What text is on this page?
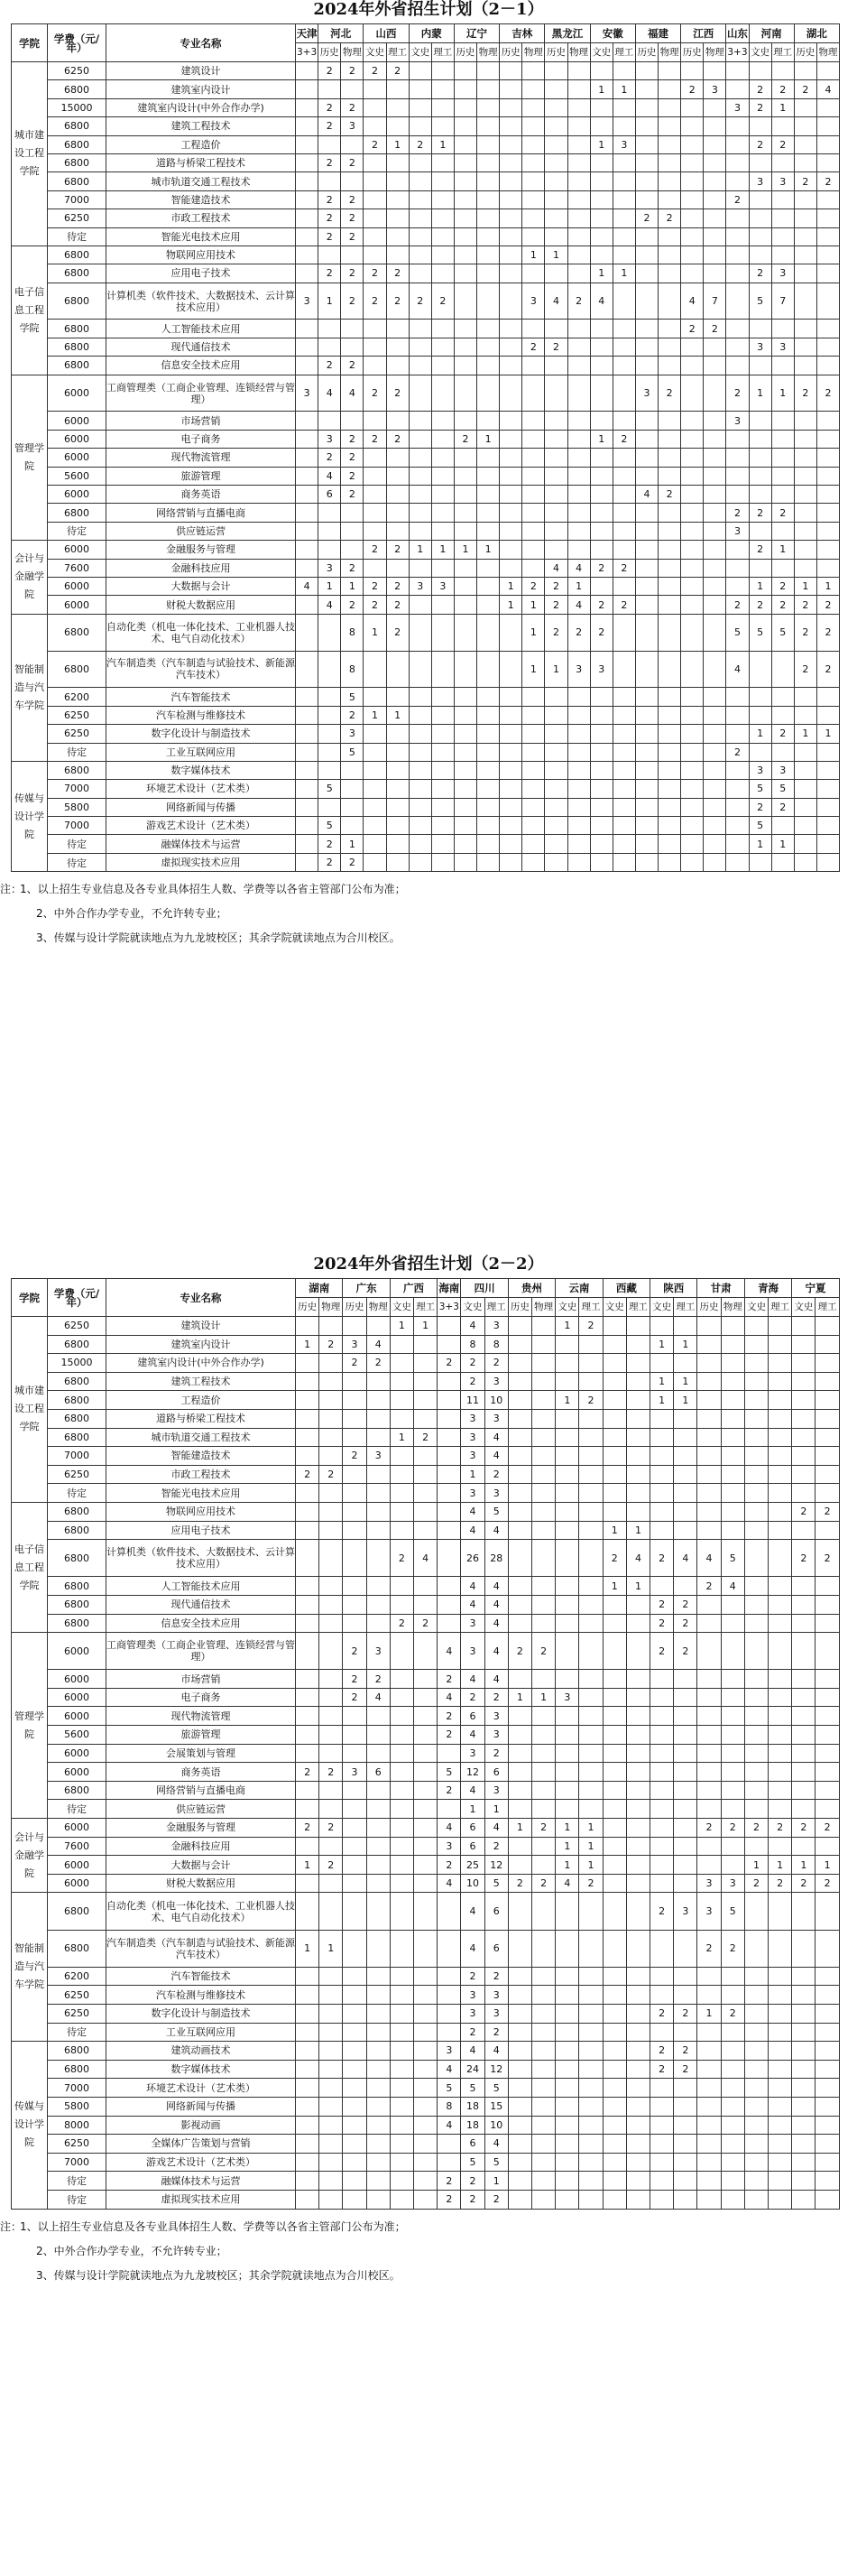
2024年外省招生计划（2－1）
学院	学费（元/年）	专业名称	天津	河北		山西		内蒙		辽宁		吉林		黑龙江		安徽		福建		江西		山东	河南		湖北	
			3+3	历史	物理	文史	理工	文史	理工	历史	物理	历史	物理	历史	物理	文史	理工	历史	物理	历史	物理	3+3	文史	理工	历史	物理
城市建设工程学院	6250	建筑设计		2	2	2	2																			
	6800	建筑室内设计														1	1			2	3		2	2	2	4
	15000	建筑室内设计(中外合作办学)		2	2																	3	2	1		
	6800	建筑工程技术		2	3																					
	6800	工程造价				2	1	2	1							1	3						2	2		
	6800	道路与桥梁工程技术		2	2																					
	6800	城市轨道交通工程技术																					3	3	2	2
	7000	智能建造技术		2	2																	2				
	6250	市政工程技术		2	2													2	2							
	待定	智能光电技术应用		2	2																					
电子信息工程学院	6800	物联网应用技术											1	1												
	6800	应用电子技术		2	2	2	2									1	1						2	3		
	6800	计算机类（软件技术、大数据技术、云计算技术应用）	3	1	2	2	2	2	2				3	4	2	4				4	7		5	7		
	6800	人工智能技术应用																		2	2					
	6800	现代通信技术											2	2									3	3		
	6800	信息安全技术应用		2	2																					
管理学院	6000	工商管理类（工商企业管理、连锁经营与管理）	3	4	4	2	2											3	2			2	1	1	2	2
	6000	市场营销																				3				
	6000	电子商务		3	2	2	2			2	1					1	2									
	6000	现代物流管理		2	2																					
	5600	旅游管理		4	2																					
	6000	商务英语		6	2													4	2							
	6800	网络营销与直播电商																				2	2	2		
	待定	供应链运营																				3				
会计与金融学院	6000	金融服务与管理				2	2	1	1	1	1												2	1		
	7600	金融科技应用		3	2									4	4	2	2									
	6000	大数据与会计	4	1	1	2	2	3	3			1	2	2	1								1	2	1	1
	6000	财税大数据应用		4	2	2	2					1	1	2	4	2	2					2	2	2	2	2
智能制造与汽车学院	6800	自动化类（机电一体化技术、工业机器人技术、电气自动化技术）			8	1	2						1	2	2	2						5	5	5	2	2
	6800	汽车制造类（汽车制造与试验技术、新能源汽车技术）			8								1	1	3	3						4			2	2
	6200	汽车智能技术			5																					
	6250	汽车检测与维修技术			2	1	1																			
	6250	数字化设计与制造技术			3																		1	2	1	1
	待定	工业互联网应用			5																	2				
传媒与设计学院	6800	数字媒体技术																					3	3		
	7000	环境艺术设计（艺术类）		5																			5	5		
	5800	网络新闻与传播																					2	2		
	7000	游戏艺术设计（艺术类）		5																			5			
	待定	融媒体技术与运营		2	1																		1	1		
	待定	虚拟现实技术应用		2	2																					
注：1、以上招生专业信息及各专业具体招生人数、学费等以各省主管部门公布为准；
2、中外合作办学专业，不允许转专业；
3、传媒与设计学院就读地点为九龙坡校区；其余学院就读地点为合川校区。
2024年外省招生计划（2－2）
学院	学费（元/年）	专业名称	湖南		广东		广西		海南	四川		贵州		云南		西藏		陕西		甘肃		青海		宁夏	
			历史	物理	历史	物理	文史	理工	3+3	文史	理工	历史	物理	文史	理工	文史	理工	文史	理工	历史	物理	文史	理工	文史	理工
城市建设工程学院	6250	建筑设计					1	1		4	3			1	2										
	6800	建筑室内设计	1	2	3	4				8	8							1	1						
	15000	建筑室内设计(中外合作办学)			2	2			2	2	2														
	6800	建筑工程技术								2	3							1	1						
	6800	工程造价								11	10			1	2			1	1						
	6800	道路与桥梁工程技术								3	3														
	6800	城市轨道交通工程技术					1	2		3	4														
	7000	智能建造技术			2	3				3	4														
	6250	市政工程技术	2	2						1	2														
	待定	智能光电技术应用								3	3														
电子信息工程学院	6800	物联网应用技术								4	5													2	2
	6800	应用电子技术								4	4					1	1								
	6800	计算机类（软件技术、大数据技术、云计算技术应用）					2	4		26	28					2	4	2	4	4	5			2	2
	6800	人工智能技术应用								4	4					1	1			2	4				
	6800	现代通信技术								4	4							2	2						
	6800	信息安全技术应用					2	2		3	4							2	2						
管理学院	6000	工商管理类（工商企业管理、连锁经营与管理）			2	3			4	3	4	2	2					2	2						
	6000	市场营销			2	2			2	4	4														
	6000	电子商务			2	4			4	2	2	1	1	3											
	6000	现代物流管理							2	6	3														
	5600	旅游管理							2	4	3														
	6000	会展策划与管理								3	2														
	6000	商务英语	2	2	3	6			5	12	6														
	6800	网络营销与直播电商							2	4	3														
	待定	供应链运营								1	1														
会计与金融学院	6000	金融服务与管理	2	2					4	6	4	1	2	1	1					2	2	2	2	2	2
	7600	金融科技应用							3	6	2			1	1										
	6000	大数据与会计	1	2					2	25	12			1	1							1	1	1	1
	6000	财税大数据应用							4	10	5	2	2	4	2					3	3	2	2	2	2
智能制造与汽车学院	6800	自动化类（机电一体化技术、工业机器人技术、电气自动化技术）								4	6							2	3	3	5				
	6800	汽车制造类（汽车制造与试验技术、新能源汽车技术）	1	1						4	6									2	2				
	6200	汽车智能技术								2	2														
	6250	汽车检测与维修技术								3	3														
	6250	数字化设计与制造技术								3	3							2	2	1	2				
	待定	工业互联网应用								2	2														
传媒与设计学院	6800	建筑动画技术							3	4	4							2	2						
	6800	数字媒体技术							4	24	12							2	2						
	7000	环境艺术设计（艺术类）							5	5	5														
	5800	网络新闻与传播							8	18	15														
	8000	影视动画							4	18	10														
	6250	全媒体广告策划与营销								6	4														
	7000	游戏艺术设计（艺术类）								5	5														
	待定	融媒体技术与运营							2	2	1														
	待定	虚拟现实技术应用							2	2	2														
注：1、以上招生专业信息及各专业具体招生人数、学费等以各省主管部门公布为准；
2、中外合作办学专业，不允许转专业；
3、传媒与设计学院就读地点为九龙坡校区；其余学院就读地点为合川校区。
